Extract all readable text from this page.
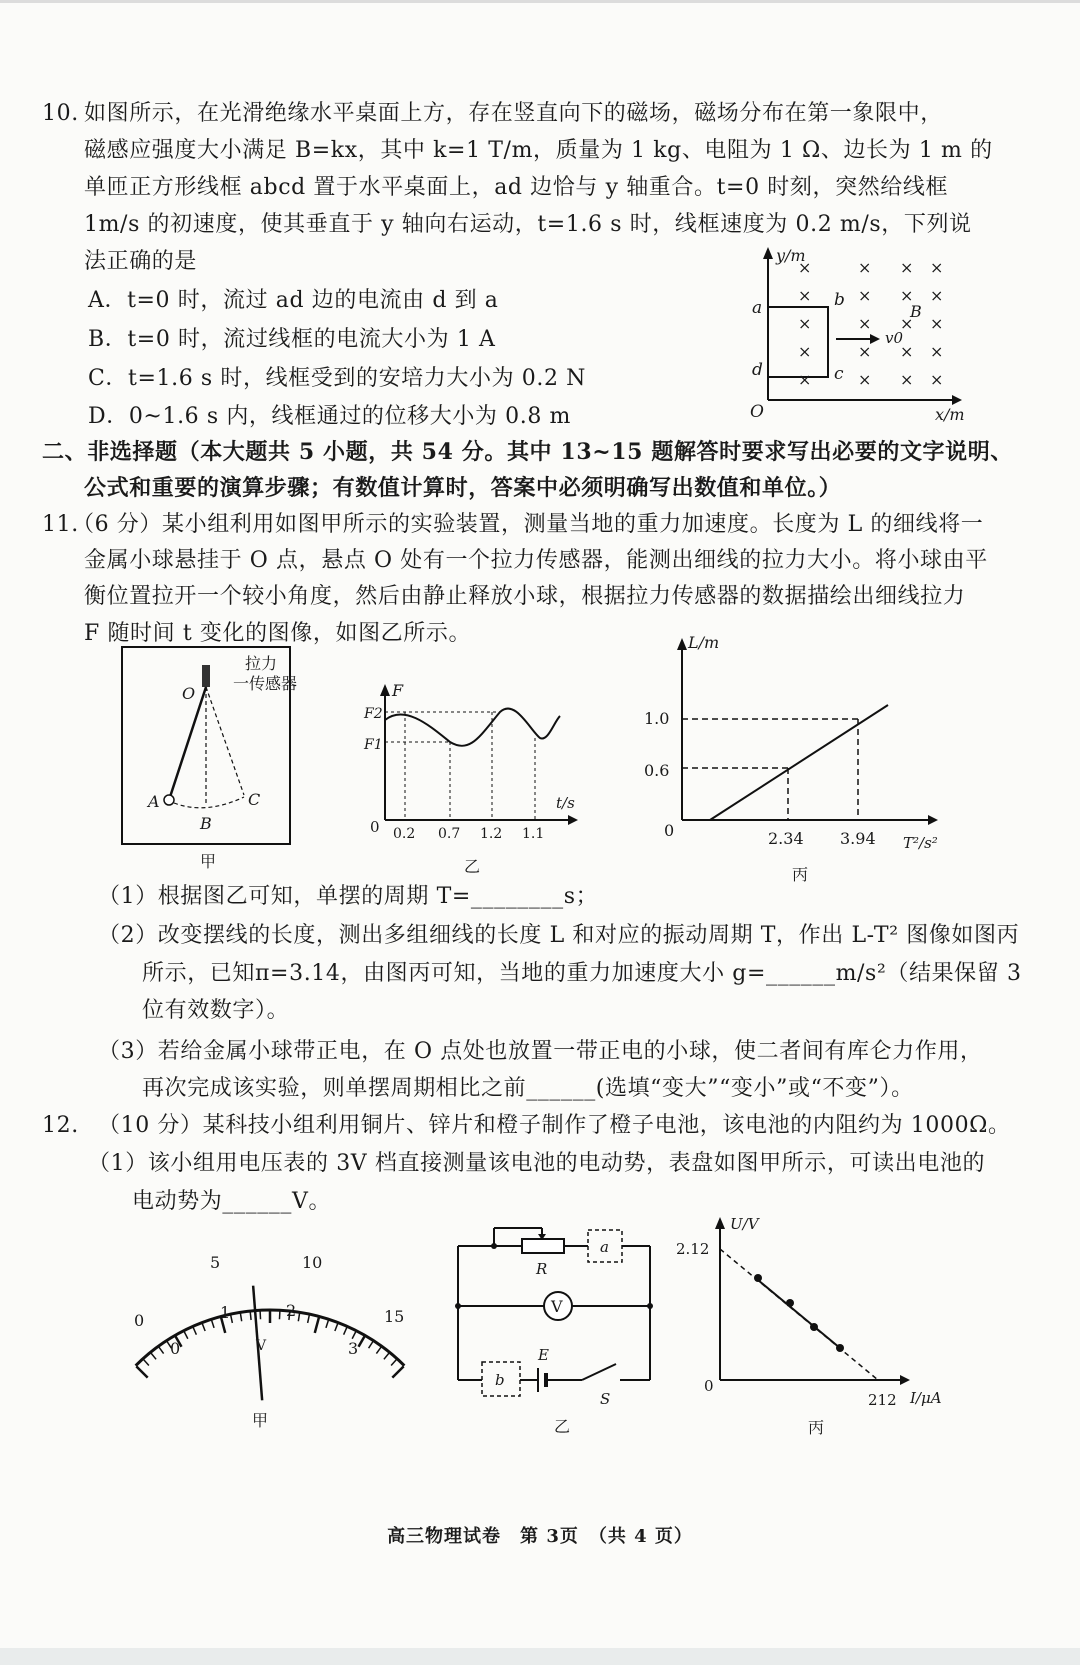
10. 如图所示，在光滑绝缘水平桌面上方，存在竖直向下的磁场，磁场分布在第一象限中，
磁感应强度大小满足 B=kx，其中 k=1 T/m，质量为 1 kg、电阻为 1 Ω、边长为 1 m 的
单匝正方形线框 abcd 置于水平桌面上，ad 边恰与 y 轴重合。t=0 时刻，突然给线框
1m/s 的初速度，使其垂直于 y 轴向右运动，t=1.6 s 时，线框速度为 0.2 m/s，下列说
法正确的是
A．t=0 时，流过 ad 边的电流由 d 到 a
B．t=0 时，流过线框的电流大小为 1 A
C．t=1.6 s 时，线框受到的安培力大小为 0.2 N
D．0~1.6 s 内，线框通过的位移大小为 0.8 m
y/m
x/m
O
a	b
c
d
v0
B
×	× × ×
×	× × ×
×	× × ×
×	× × ×
×	× × ×
二、非选择题（本大题共 5 小题，共 54 分。其中 13~15 题解答时要求写出必要的文字说明、
公式和重要的演算步骤；有数值计算时，答案中必须明确写出数值和单位。）
11.
（6 分）某小组利用如图甲所示的实验装置，测量当地的重力加速度。长度为 L 的细线将一
金属小球悬挂于 O 点，悬点 O 处有一个拉力传感器，能测出细线的拉力大小。将小球由平
衡位置拉开一个较小角度，然后由静止释放小球，根据拉力传感器的数据描绘出细线拉力
F 随时间 t 变化的图像，如图乙所示。
拉力
一传感器
O
A
B
C
甲
F
t/s
0
F2
F1
0.2 0.7 1.2 1.1
乙
L/m
T²/s²
0
1.0
0.6
2.34 3.94
丙
（1）根据图乙可知，单摆的周期 T=________s；
（2）改变摆线的长度，测出多组细线的长度 L 和对应的振动周期 T，作出 L-T² 图像如图丙
所示，已知π=3.14，由图丙可知，当地的重力加速度大小 g=______m/s²（结果保留 3
位有效数字）。
（3）若给金属小球带正电，在 O 点处也放置一带正电的小球，使二者间有库仑力作用，
再次完成该实验，则单摆周期相比之前______(选填“变大”“变小”或“不变”）。
12. （10 分）某科技小组利用铜片、锌片和橙子制作了橙子电池，该电池的内阻约为 1000Ω。
（1）该小组用电压表的 3V 档直接测量该电池的电动势，表盘如图甲所示，可读出电池的
电动势为______V。
0
5	10
15
0
1	2
3
V
甲
a
R
V
b
E
S
乙
U/V
I/μA
0
2.12
212
丙
高三物理试卷　第 3页　（共 4 页）
